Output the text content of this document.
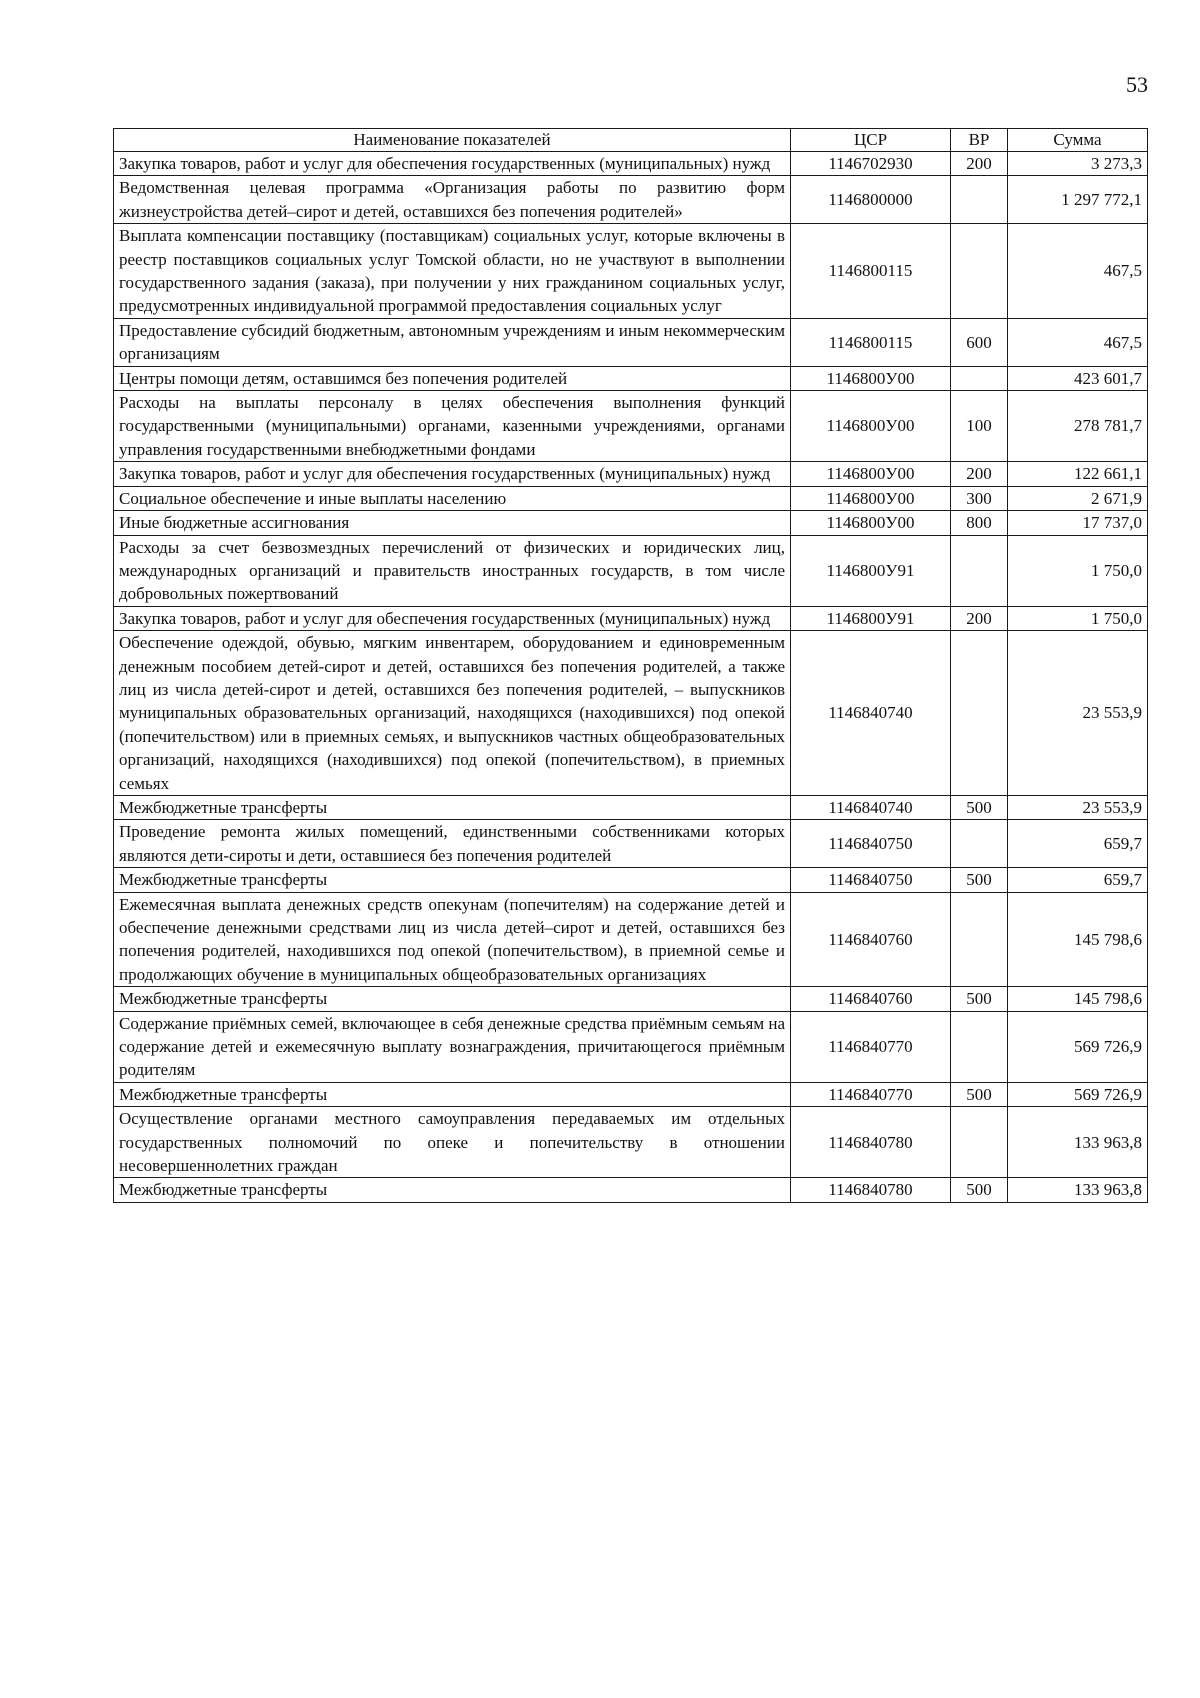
53
Наименование показателей	ЦСР	ВР	Сумма
Закупка товаров, работ и услуг для обеспечения государственных (муниципальных) нужд	1146702930	200	3 273,3
Ведомственная целевая программа «Организация работы по развитию форм жизнеустройства детей–сирот и детей, оставшихся без попечения родителей»	1146800000		1 297 772,1
Выплата компенсации поставщику (поставщикам) социальных услуг, которые включены в реестр поставщиков социальных услуг Томской области, но не участвуют в выполнении государственного задания (заказа), при получении у них гражданином социальных услуг, предусмотренных индивидуальной программой предоставления социальных услуг	1146800115		467,5
Предоставление субсидий бюджетным, автономным учреждениям и иным некоммерческим организациям	1146800115	600	467,5
Центры помощи детям, оставшимся без попечения родителей	1146800У00		423 601,7
Расходы на выплаты персоналу в целях обеспечения выполнения функций государственными (муниципальными) органами, казенными учреждениями, органами управления государственными внебюджетными фондами	1146800У00	100	278 781,7
Закупка товаров, работ и услуг для обеспечения государственных (муниципальных) нужд	1146800У00	200	122 661,1
Социальное обеспечение и иные выплаты населению	1146800У00	300	2 671,9
Иные бюджетные ассигнования	1146800У00	800	17 737,0
Расходы за счет безвозмездных перечислений от физических и юридических лиц, международных организаций и правительств иностранных государств, в том числе добровольных пожертвований	1146800У91		1 750,0
Закупка товаров, работ и услуг для обеспечения государственных (муниципальных) нужд	1146800У91	200	1 750,0
Обеспечение одеждой, обувью, мягким инвентарем, оборудованием и единовременным денежным пособием детей-сирот и детей, оставшихся без попечения родителей, а также лиц из числа детей-сирот и детей, оставшихся без попечения родителей, – выпускников муниципальных образовательных организаций, находящихся (находившихся) под опекой (попечительством) или в приемных семьях, и выпускников частных общеобразовательных организаций, находящихся (находившихся) под опекой (попечительством), в приемных семьях	1146840740		23 553,9
Межбюджетные трансферты	1146840740	500	23 553,9
Проведение ремонта жилых помещений, единственными собственниками которых являются дети-сироты и дети, оставшиеся без попечения родителей	1146840750		659,7
Межбюджетные трансферты	1146840750	500	659,7
Ежемесячная выплата денежных средств опекунам (попечителям) на содержание детей и обеспечение денежными средствами лиц из числа детей–сирот и детей, оставшихся без попечения родителей, находившихся под опекой (попечительством), в приемной семье и продолжающих обучение в муниципальных общеобразовательных организациях	1146840760		145 798,6
Межбюджетные трансферты	1146840760	500	145 798,6
Содержание приёмных семей, включающее в себя денежные средства приёмным семьям на содержание детей и ежемесячную выплату вознаграждения, причитающегося приёмным родителям	1146840770		569 726,9
Межбюджетные трансферты	1146840770	500	569 726,9
Осуществление органами местного самоуправления передаваемых им отдельных государственных полномочий по опеке и попечительству в отношении несовершеннолетних граждан	1146840780		133 963,8
Межбюджетные трансферты	1146840780	500	133 963,8
